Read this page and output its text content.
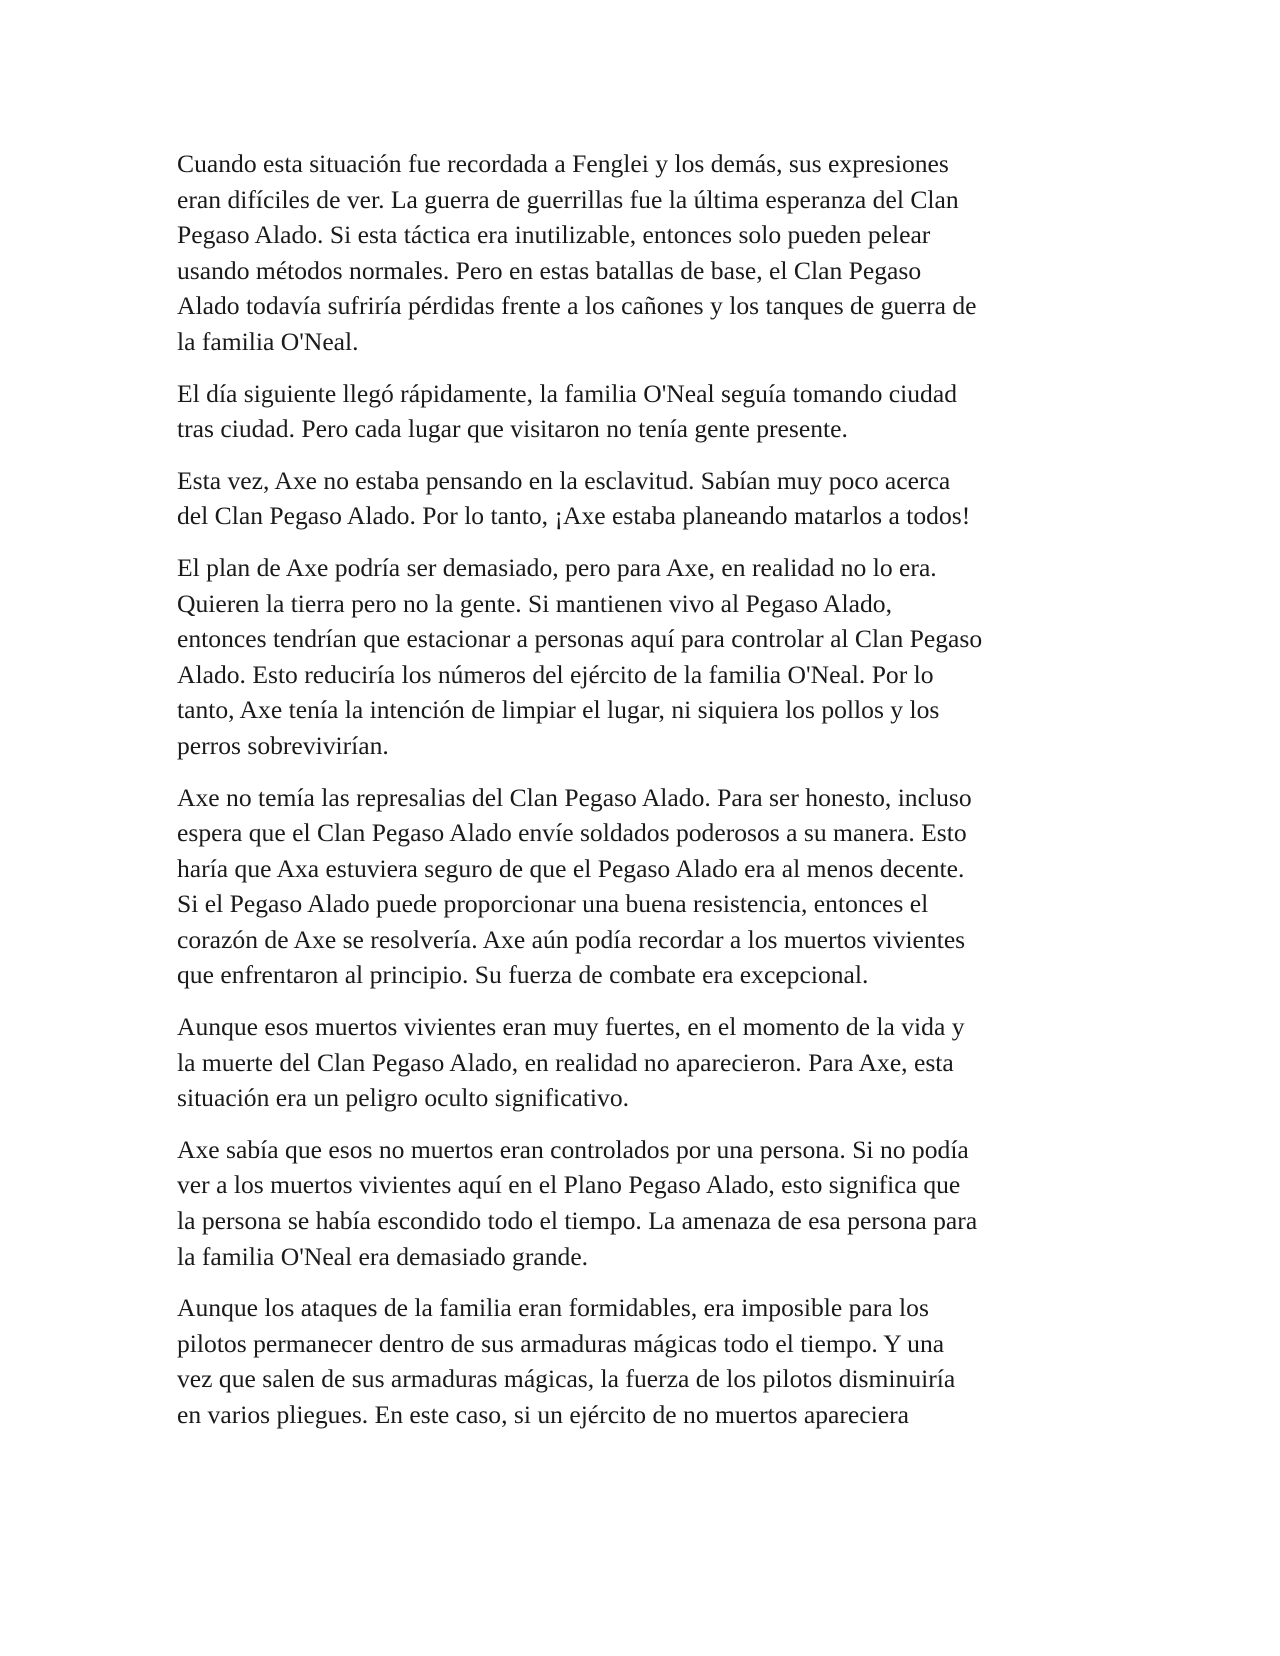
Cuando esta situación fue recordada a Fenglei y los demás, sus expresiones
eran difíciles de ver. La guerra de guerrillas fue la última esperanza del Clan
Pegaso Alado. Si esta táctica era inutilizable, entonces solo pueden pelear
usando métodos normales. Pero en estas batallas de base, el Clan Pegaso
Alado todavía sufriría pérdidas frente a los cañones y los tanques de guerra de
la familia O'Neal.

El día siguiente llegó rápidamente, la familia O'Neal seguía tomando ciudad
tras ciudad. Pero cada lugar que visitaron no tenía gente presente.

Esta vez, Axe no estaba pensando en la esclavitud. Sabían muy poco acerca
del Clan Pegaso Alado. Por lo tanto, ¡Axe estaba planeando matarlos a todos!

El plan de Axe podría ser demasiado, pero para Axe, en realidad no lo era.
Quieren la tierra pero no la gente. Si mantienen vivo al Pegaso Alado,
entonces tendrían que estacionar a personas aquí para controlar al Clan Pegaso
Alado. Esto reduciría los números del ejército de la familia O'Neal. Por lo
tanto, Axe tenía la intención de limpiar el lugar, ni siquiera los pollos y los
perros sobrevivirían.

Axe no temía las represalias del Clan Pegaso Alado. Para ser honesto, incluso
espera que el Clan Pegaso Alado envíe soldados poderosos a su manera. Esto
haría que Axa estuviera seguro de que el Pegaso Alado era al menos decente.
Si el Pegaso Alado puede proporcionar una buena resistencia, entonces el
corazón de Axe se resolvería. Axe aún podía recordar a los muertos vivientes
que enfrentaron al principio. Su fuerza de combate era excepcional.

Aunque esos muertos vivientes eran muy fuertes, en el momento de la vida y
la muerte del Clan Pegaso Alado, en realidad no aparecieron. Para Axe, esta
situación era un peligro oculto significativo.

Axe sabía que esos no muertos eran controlados por una persona. Si no podía
ver a los muertos vivientes aquí en el Plano Pegaso Alado, esto significa que
la persona se había escondido todo el tiempo. La amenaza de esa persona para
la familia O'Neal era demasiado grande.

Aunque los ataques de la familia eran formidables, era imposible para los
pilotos permanecer dentro de sus armaduras mágicas todo el tiempo. Y una
vez que salen de sus armaduras mágicas, la fuerza de los pilotos disminuiría
en varios pliegues. En este caso, si un ejército de no muertos apareciera
